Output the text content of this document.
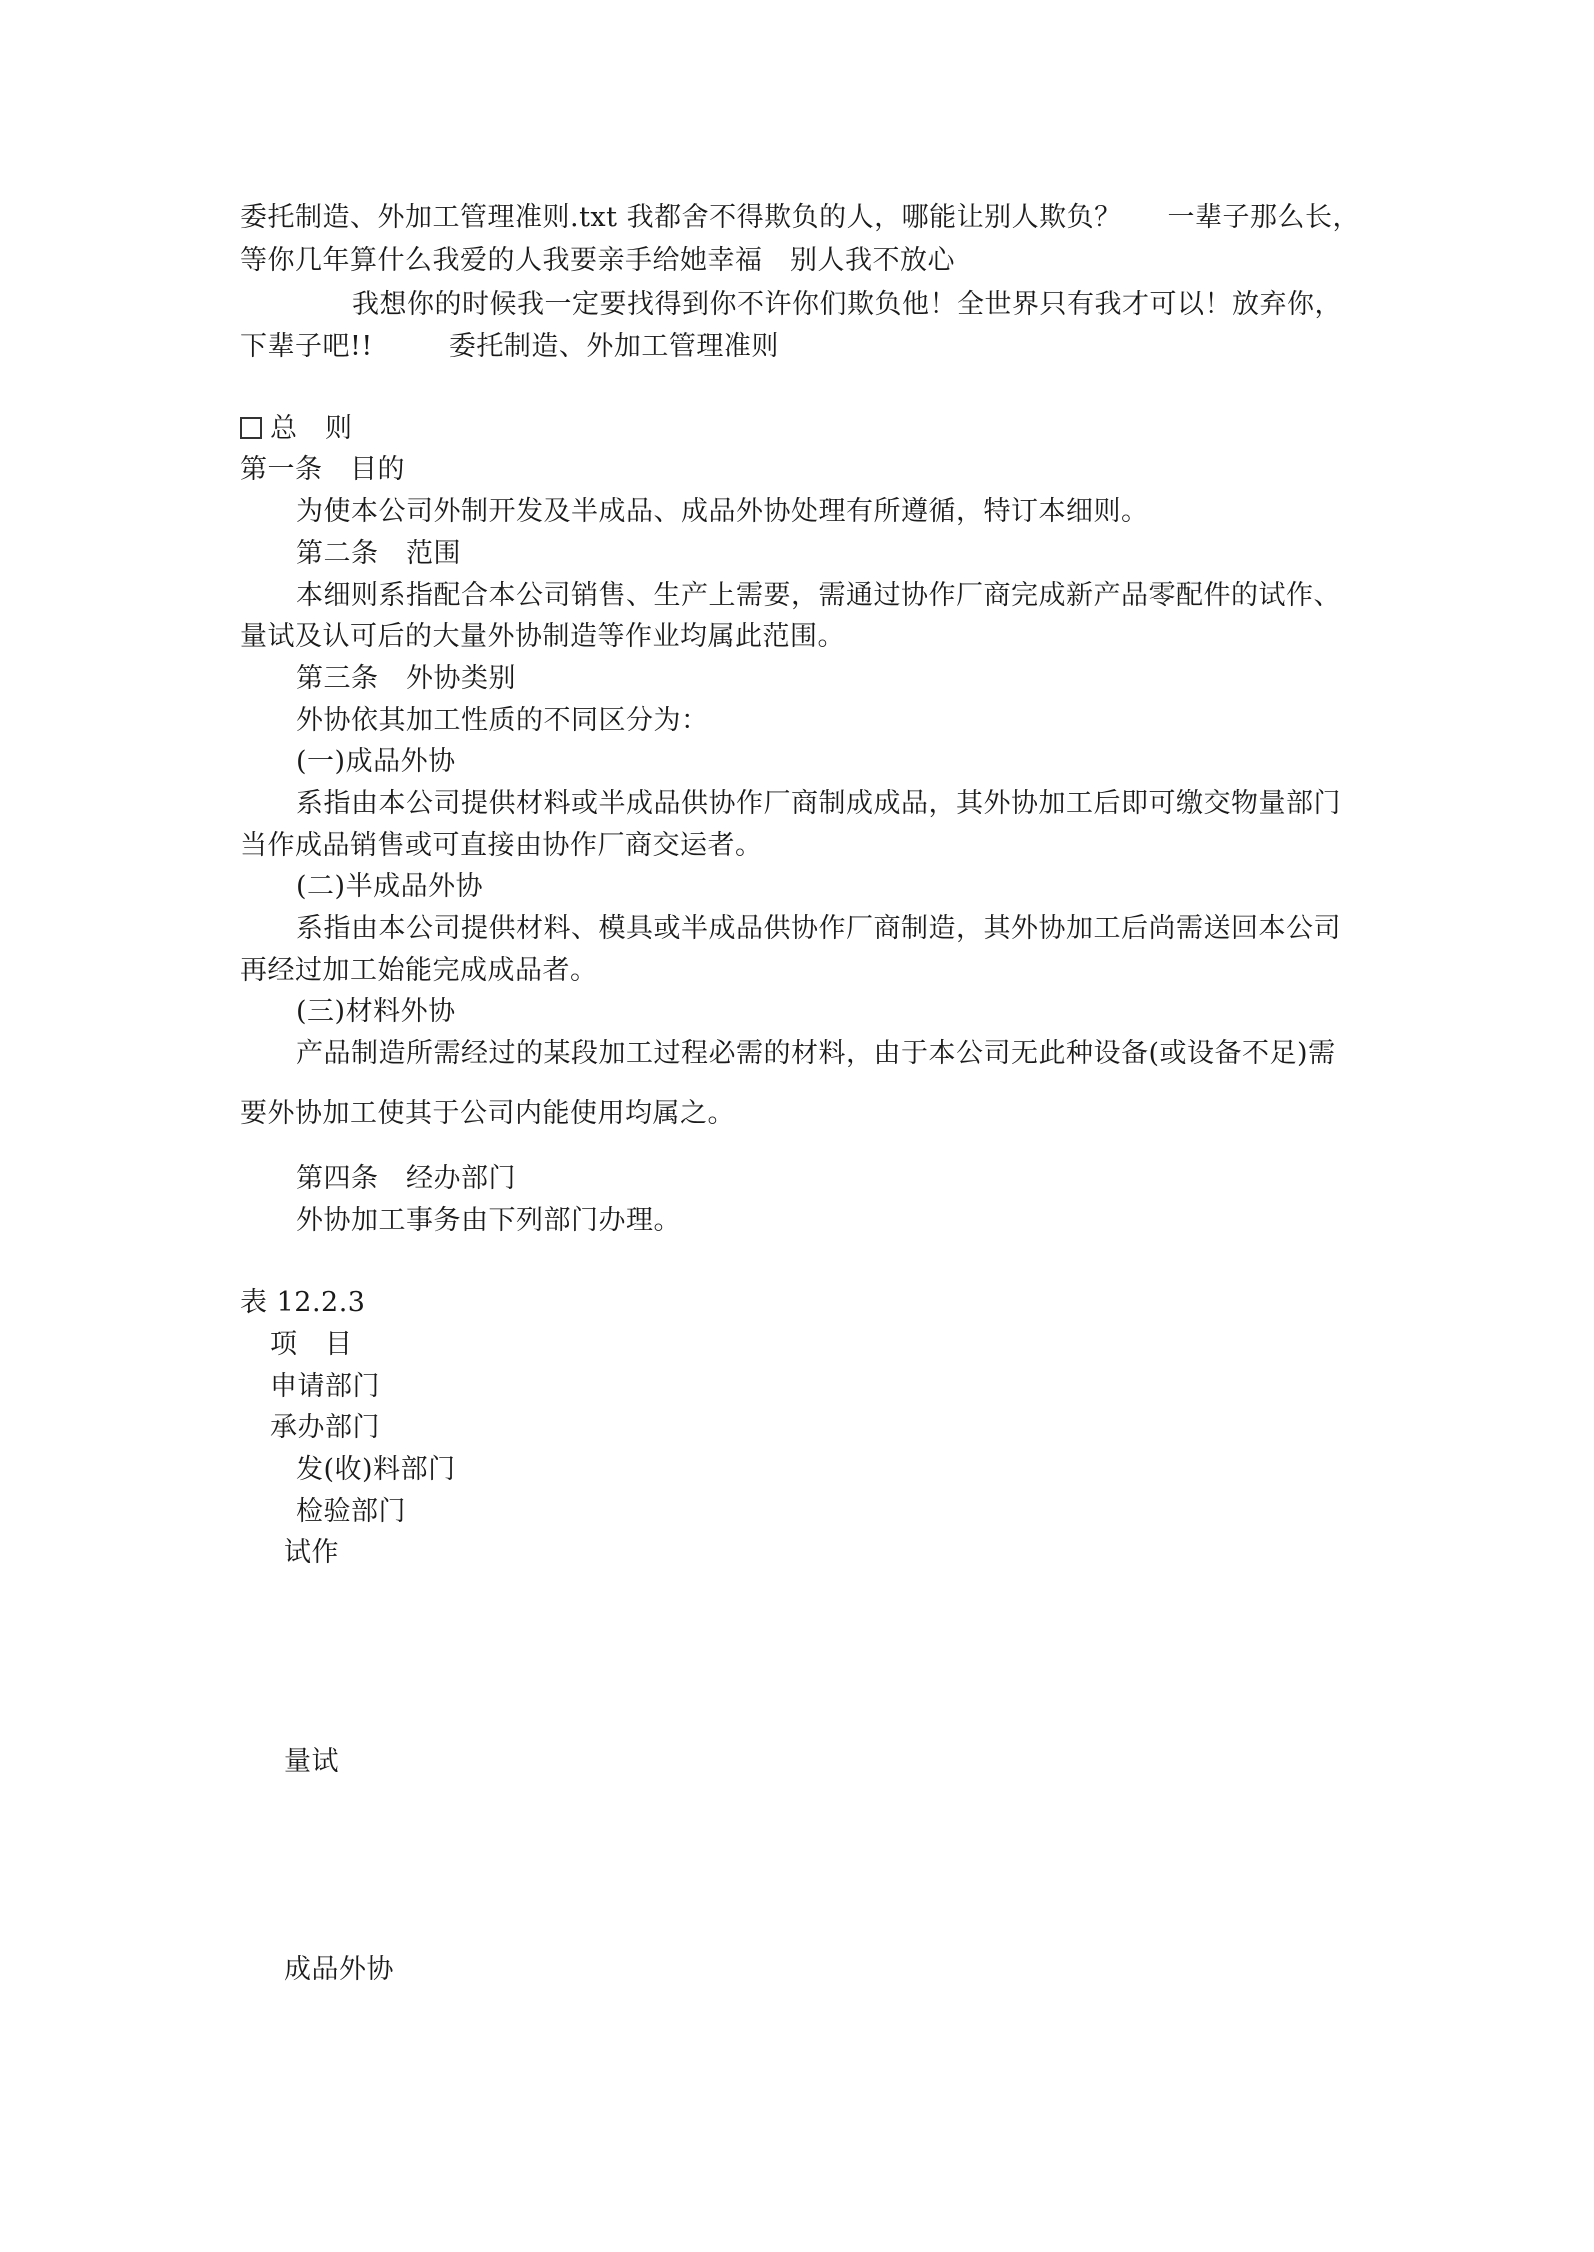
委托制造、外加工管理准则.txt 我都舍不得欺负的人，哪能让别人欺负？ 一辈子那么长，
等你几年算什么我爱的人我要亲手给她幸福　别人我不放心
我想你的时候我一定要找得到你不许你们欺负他！全世界只有我才可以！放弃你，
下辈子吧!!	委托制造、外加工管理准则
总　则
第一条　目的
为使本公司外制开发及半成品、成品外协处理有所遵循，特订本细则。
第二条　范围
本细则系指配合本公司销售、生产上需要，需通过协作厂商完成新产品零配件的试作、
量试及认可后的大量外协制造等作业均属此范围。
第三条　外协类别
外协依其加工性质的不同区分为：
(一)成品外协
系指由本公司提供材料或半成品供协作厂商制成成品，其外协加工后即可缴交物量部门
当作成品销售或可直接由协作厂商交运者。
(二)半成品外协
系指由本公司提供材料、模具或半成品供协作厂商制造，其外协加工后尚需送回本公司
再经过加工始能完成成品者。
(三)材料外协
产品制造所需经过的某段加工过程必需的材料，由于本公司无此种设备(或设备不足)需
要外协加工使其于公司内能使用均属之。
第四条　经办部门
外协加工事务由下列部门办理。
表 12.2.3
项　目
申请部门
承办部门
发(收)料部门
检验部门
试作
量试
成品外协
